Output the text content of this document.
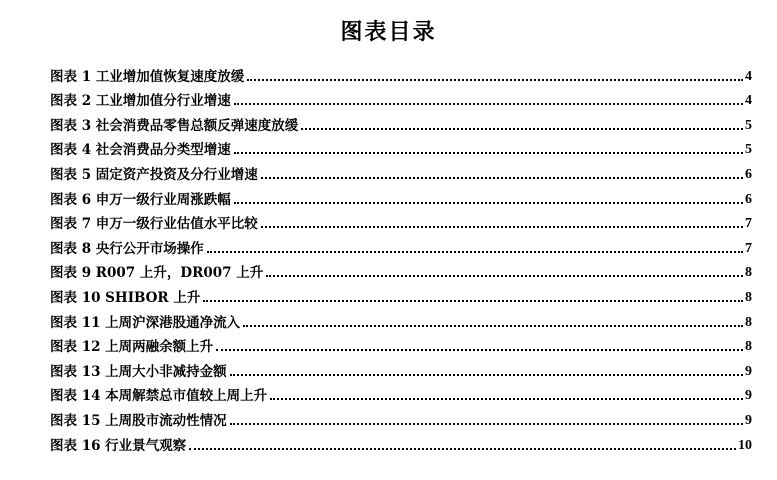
图表目录
图表 1 工业增加值恢复速度放缓	4
图表 2 工业增加值分行业增速	4
图表 3 社会消费品零售总额反弹速度放缓	5
图表 4 社会消费品分类型增速	5
图表 5 固定资产投资及分行业增速	6
图表 6 申万一级行业周涨跌幅	6
图表 7 申万一级行业估值水平比较	7
图表 8 央行公开市场操作	7
图表 9 R007 上升，DR007 上升	8
图表 10 SHIBOR 上升	8
图表 11 上周沪深港股通净流入	8
图表 12 上周两融余额上升	8
图表 13 上周大小非减持金额	9
图表 14 本周解禁总市值较上周上升	9
图表 15 上周股市流动性情况	9
图表 16 行业景气观察	10
